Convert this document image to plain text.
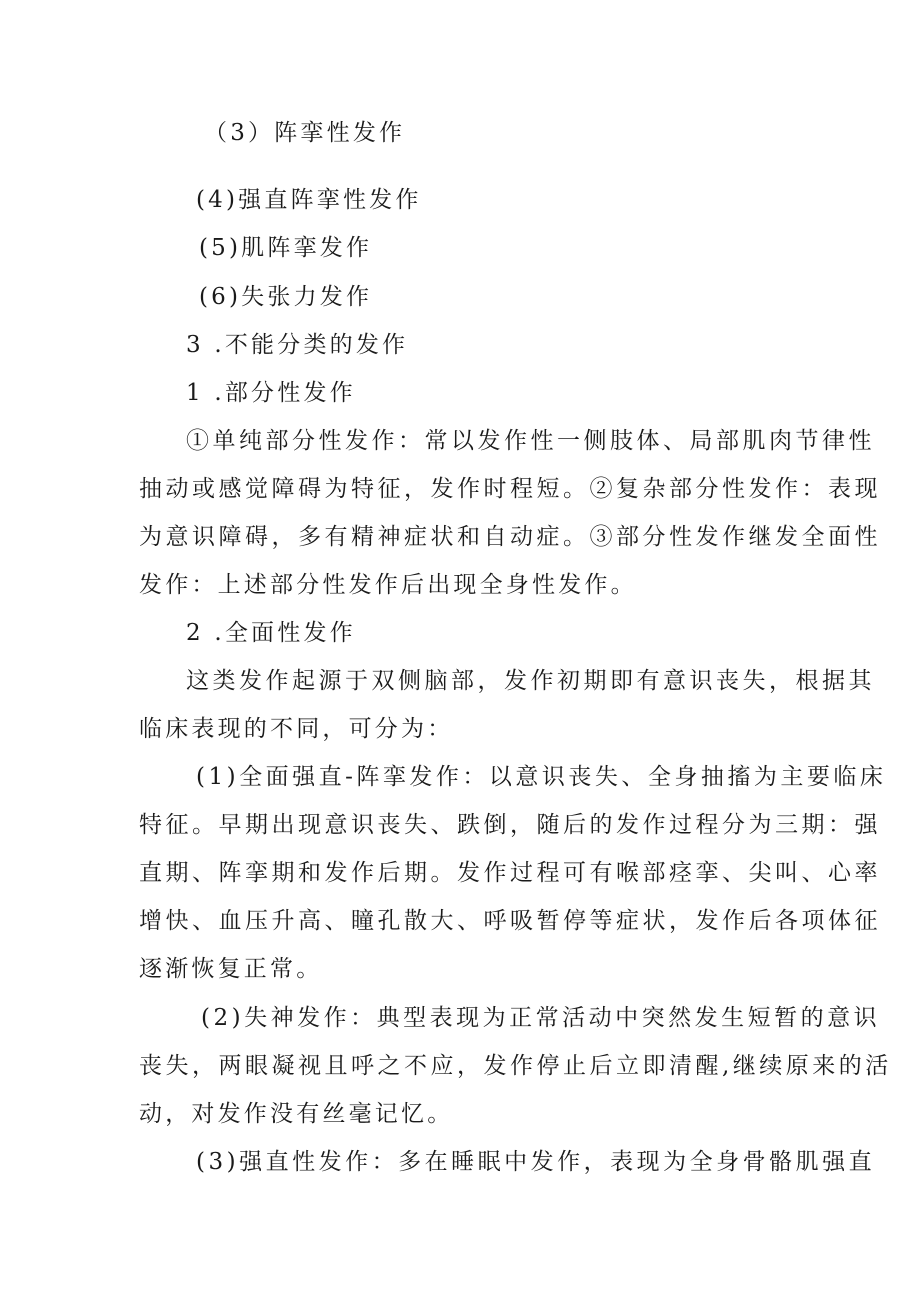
（3）阵挛性发作

(4)强直阵挛性发作

(5)肌阵挛发作

(6)失张力发作

3 .不能分类的发作

1 .部分性发作

①单纯部分性发作：常以发作性一侧肢体、局部肌肉节律性

抽动或感觉障碍为特征，发作时程短。②复杂部分性发作：表现

为意识障碍，多有精神症状和自动症。③部分性发作继发全面性

发作：上述部分性发作后出现全身性发作。

2 .全面性发作

这类发作起源于双侧脑部，发作初期即有意识丧失，根据其

临床表现的不同，可分为：

(1)全面强直-阵挛发作：以意识丧失、全身抽搐为主要临床

特征。早期出现意识丧失、跌倒，随后的发作过程分为三期：强

直期、阵挛期和发作后期。发作过程可有喉部痉挛、尖叫、心率

增快、血压升高、瞳孔散大、呼吸暂停等症状，发作后各项体征

逐渐恢复正常。

(2)失神发作：典型表现为正常活动中突然发生短暂的意识

丧失，两眼凝视且呼之不应，发作停止后立即清醒,继续原来的活

动，对发作没有丝毫记忆。

(3)强直性发作：多在睡眠中发作，表现为全身骨骼肌强直
